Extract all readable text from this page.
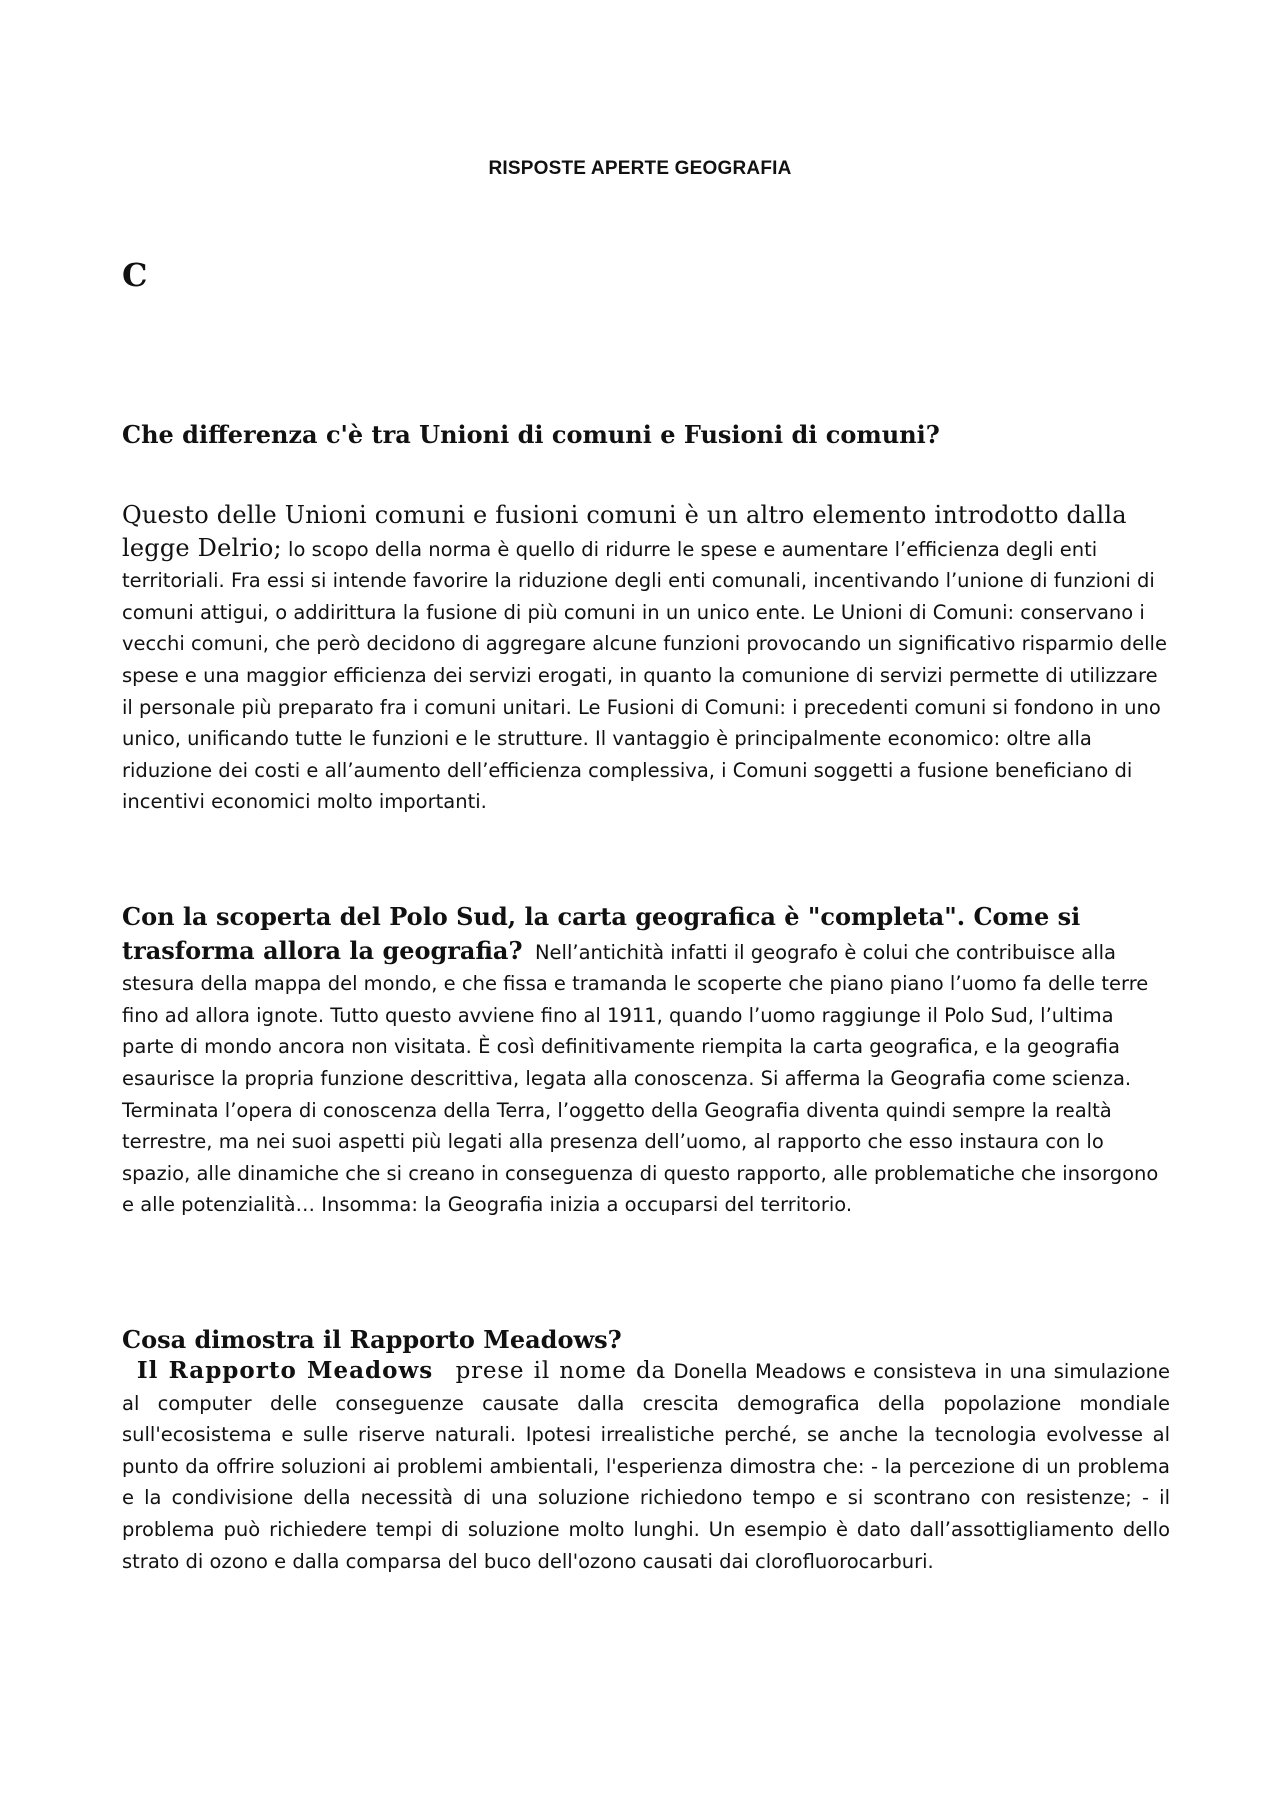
RISPOSTE APERTE GEOGRAFIA
C
Che differenza c'è tra Unioni di comuni e Fusioni di comuni?
Questo delle Unioni comuni e fusioni comuni è un altro elemento introdotto dalla legge Delrio; lo scopo della norma è quello di ridurre le spese e aumentare l’efficienza degli enti territoriali. Fra essi si intende favorire la riduzione degli enti comunali, incentivando l’unione di funzioni di comuni attigui, o addirittura la fusione di più comuni in un unico ente. Le Unioni di Comuni: conservano i vecchi comuni, che però decidono di aggregare alcune funzioni provocando un significativo risparmio delle spese e una maggior efficienza dei servizi erogati, in quanto la comunione di servizi permette di utilizzare il personale più preparato fra i comuni unitari. Le Fusioni di Comuni: i precedenti comuni si fondono in uno unico, unificando tutte le funzioni e le strutture. Il vantaggio è principalmente economico: oltre alla riduzione dei costi e all’aumento dell’efficienza complessiva, i Comuni soggetti a fusione beneficiano di incentivi economici molto importanti.
Con la scoperta del Polo Sud, la carta geografica è "completa". Come si trasforma allora la geografia? Nell’antichità infatti il geografo è colui che contribuisce alla stesura della mappa del mondo, e che fissa e tramanda le scoperte che piano piano l’uomo fa delle terre fino ad allora ignote. Tutto questo avviene fino al 1911, quando l’uomo raggiunge il Polo Sud, l’ultima parte di mondo ancora non visitata. È così definitivamente riempita la carta geografica, e la geografia esaurisce la propria funzione descrittiva, legata alla conoscenza. Si afferma la Geografia come scienza. Terminata l’opera di conoscenza della Terra, l’oggetto della Geografia diventa quindi sempre la realtà terrestre, ma nei suoi aspetti più legati alla presenza dell’uomo, al rapporto che esso instaura con lo spazio, alle dinamiche che si creano in conseguenza di questo rapporto, alle problematiche che insorgono e alle potenzialità… Insomma: la Geografia inizia a occuparsi del territorio.
Cosa dimostra il Rapporto Meadows?
Il Rapporto Meadows prese il nome da Donella Meadows e consisteva in una simulazione al computer delle conseguenze causate dalla crescita demografica della popolazione mondiale sull'ecosistema e sulle riserve naturali. Ipotesi irrealistiche perché, se anche la tecnologia evolvesse al punto da offrire soluzioni ai problemi ambientali, l'esperienza dimostra che: - la percezione di un problema e la condivisione della necessità di una soluzione richiedono tempo e si scontrano con resistenze; - il problema può richiedere tempi di soluzione molto lunghi. Un esempio è dato dall’assottigliamento dello strato di ozono e dalla comparsa del buco dell'ozono causati dai clorofluorocarburi.
